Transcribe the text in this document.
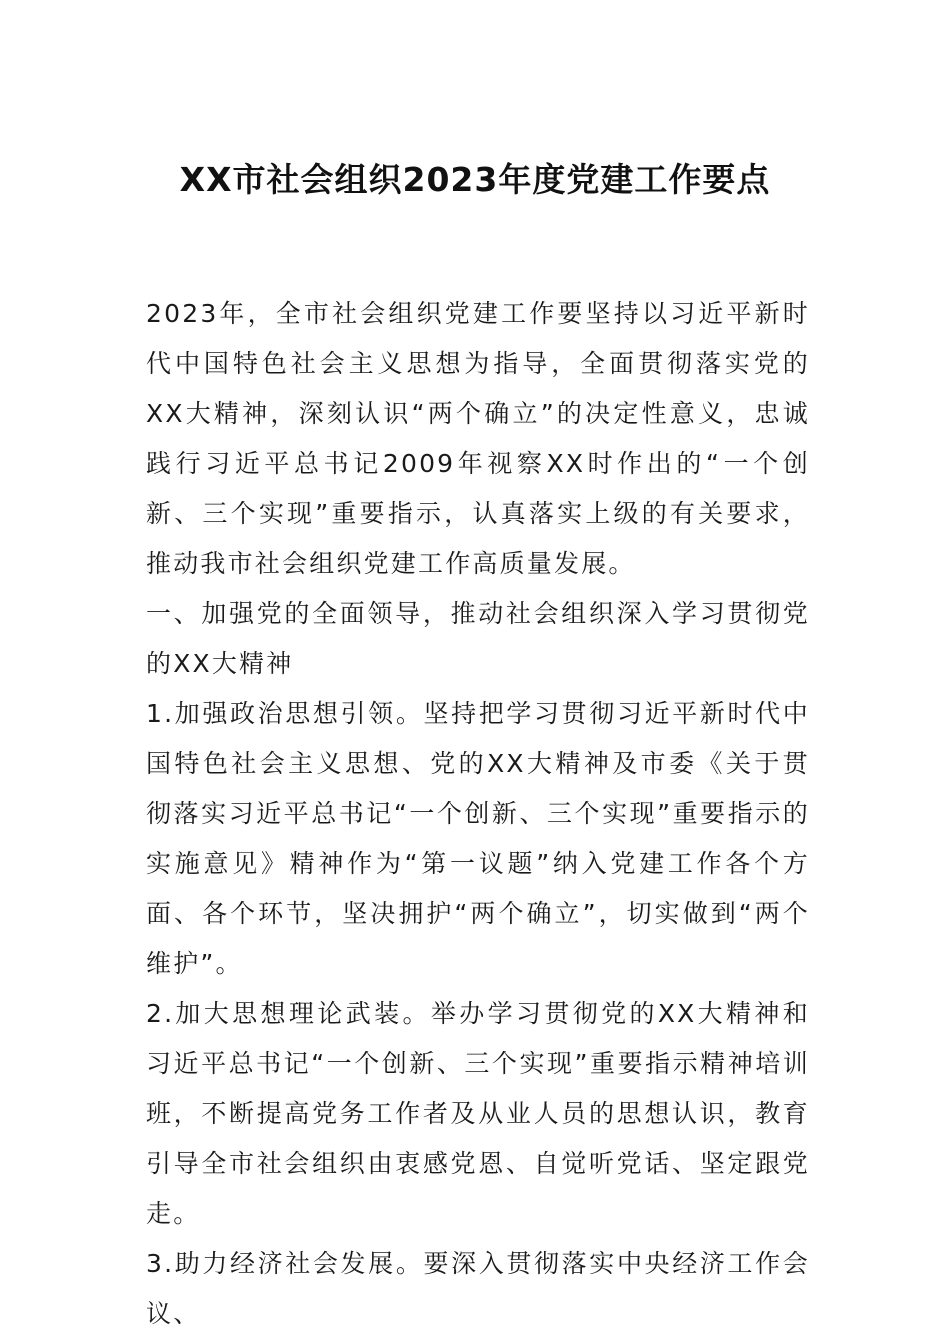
XX市社会组织2023年度党建工作要点

2023年，全市社会组织党建工作要坚持以习近平新时代中国特色社会主义思想为指导，全面贯彻落实党的XX大精神，深刻认识“两个确立”的决定性意义，忠诚践行习近平总书记2009年视察XX时作出的“一个创新、三个实现”重要指示，认真落实上级的有关要求，推动我市社会组织党建工作高质量发展。

一、加强党的全面领导，推动社会组织深入学习贯彻党的XX大精神

1.加强政治思想引领。坚持把学习贯彻习近平新时代中国特色社会主义思想、党的XX大精神及市委《关于贯彻落实习近平总书记“一个创新、三个实现”重要指示的实施意见》精神作为“第一议题”纳入党建工作各个方面、各个环节，坚决拥护“两个确立”，切实做到“两个维护”。

2.加大思想理论武装。举办学习贯彻党的XX大精神和习近平总书记“一个创新、三个实现”重要指示精神培训班，不断提高党务工作者及从业人员的思想认识，教育引导全市社会组织由衷感党恩、自觉听党话、坚定跟党走。

3.助力经济社会发展。要深入贯彻落实中央经济工作会议、
